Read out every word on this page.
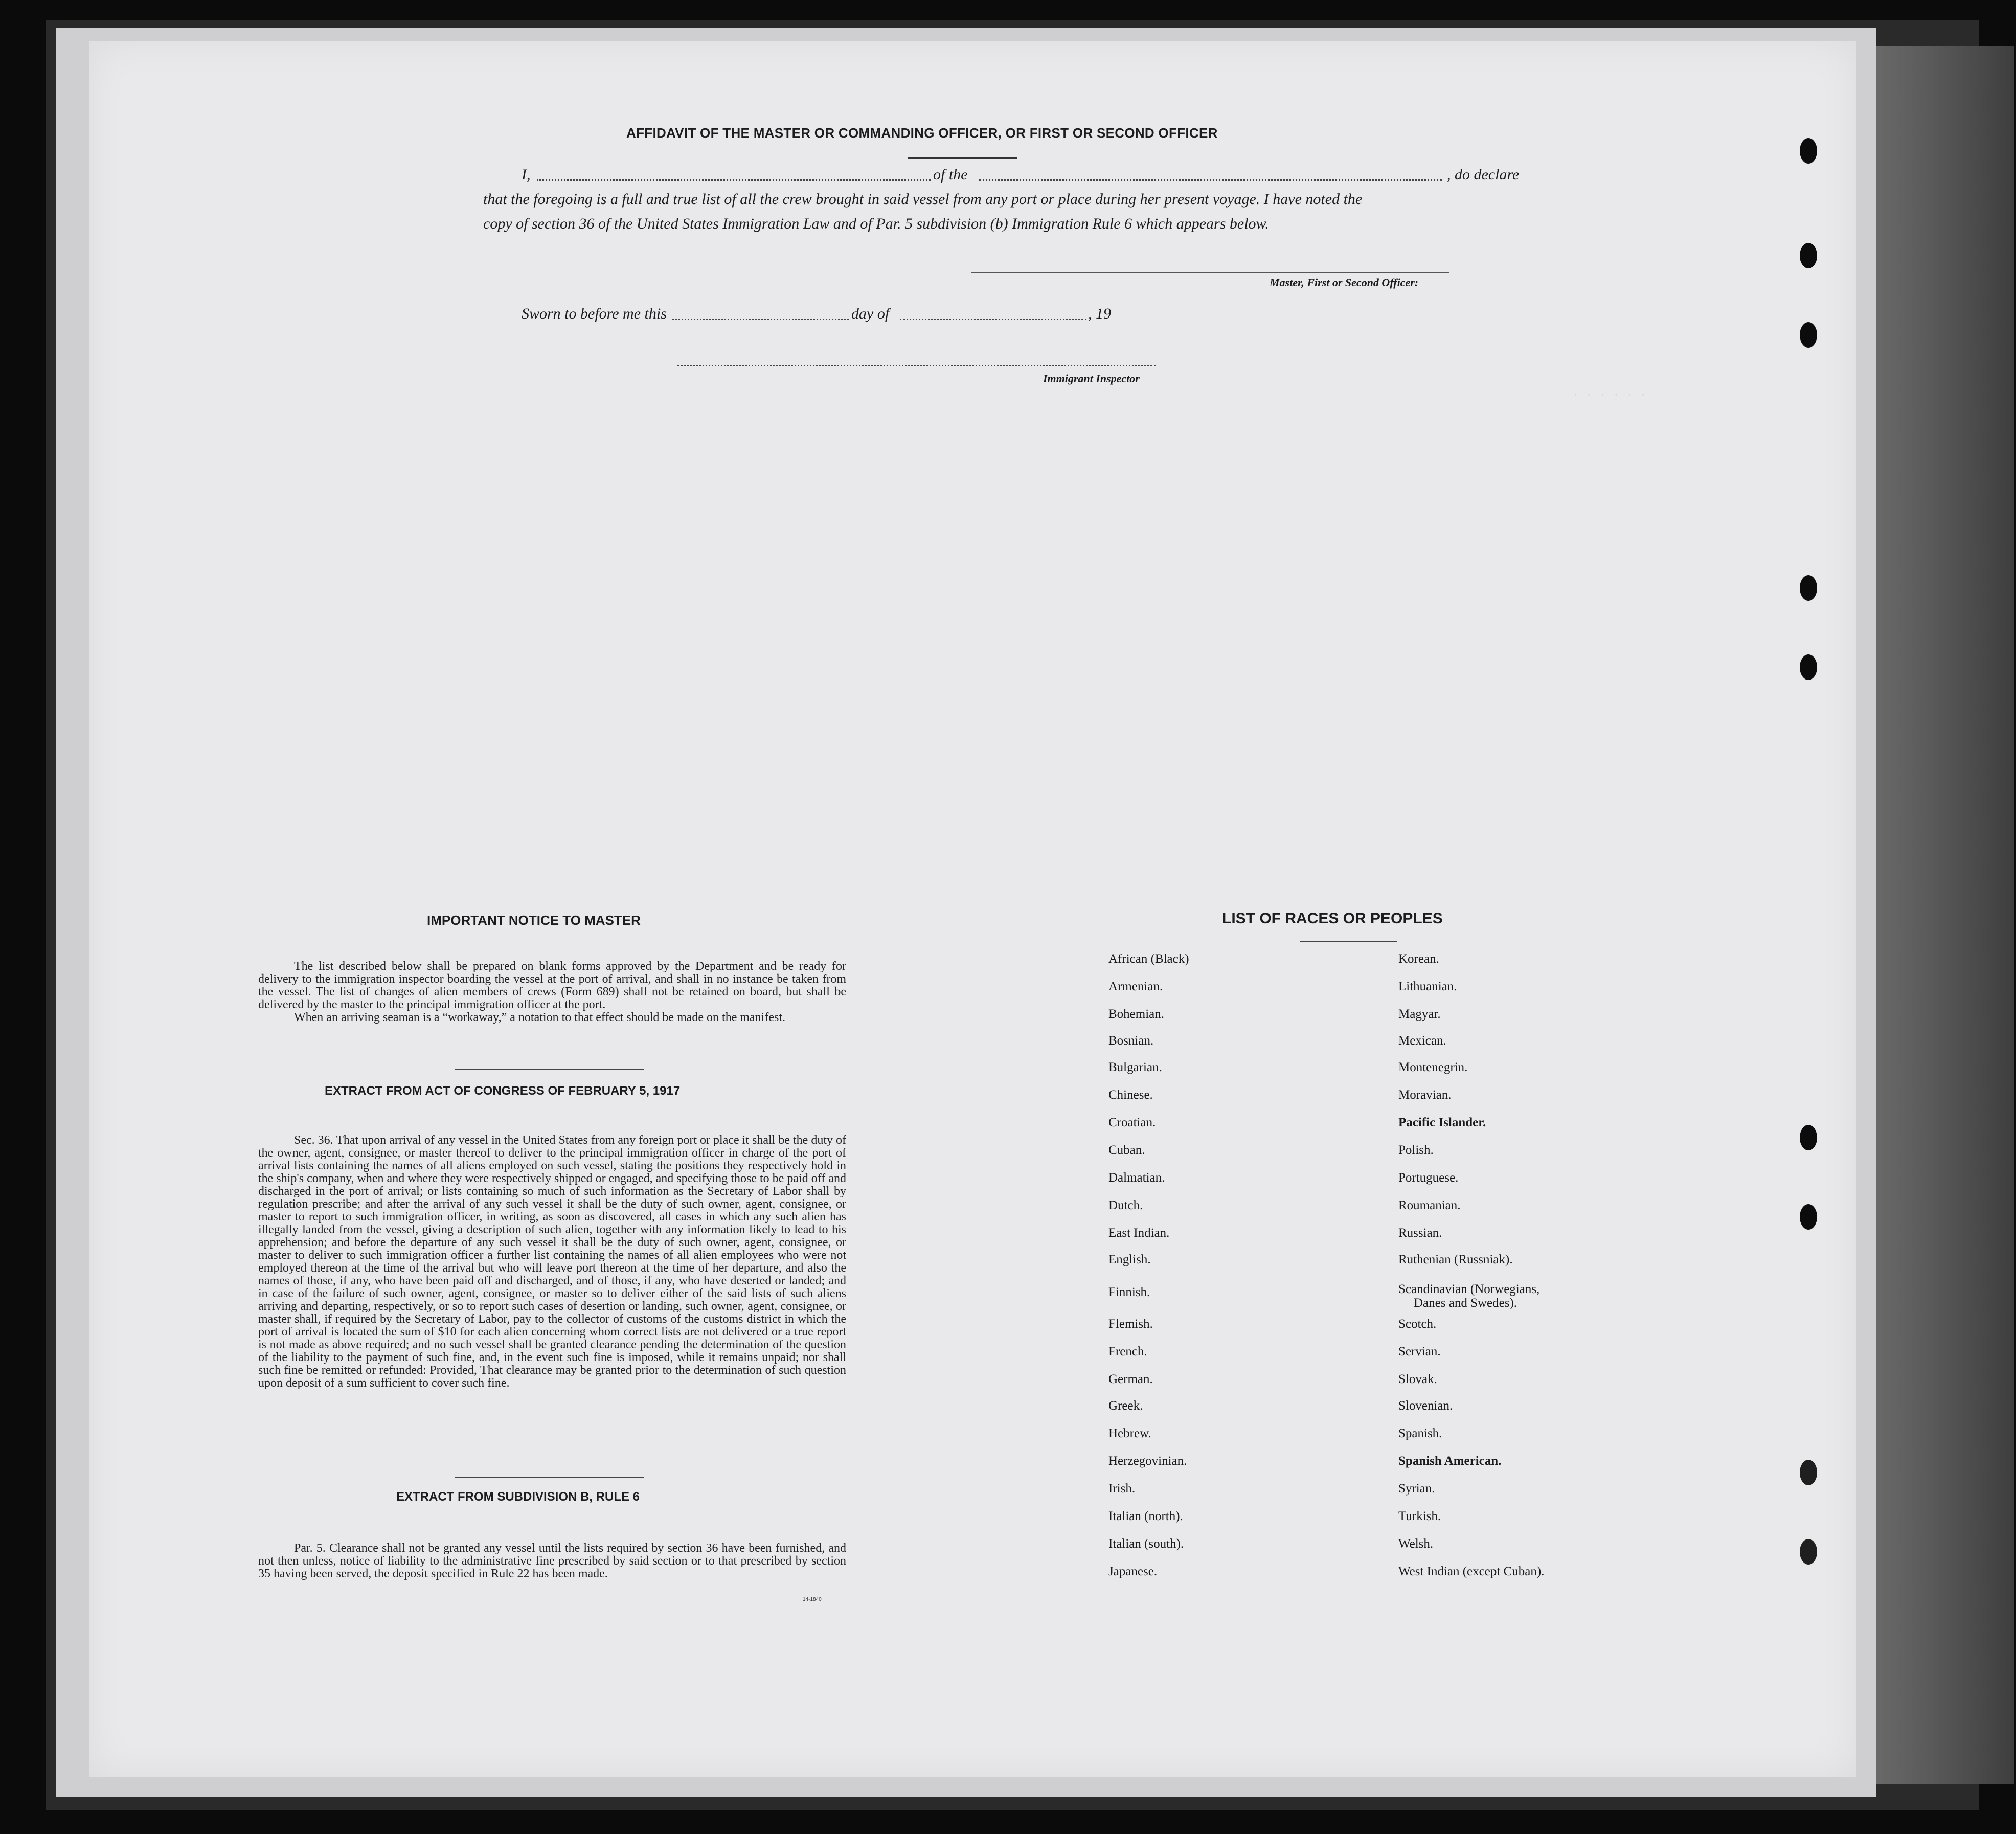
· · · · · ·
AFFIDAVIT OF THE MASTER OR COMMANDING OFFICER, OR FIRST OR SECOND OFFICER
I,	of the	, do declare
that the foregoing is a full and true list of all the crew brought in said vessel from any port or place during her present voyage. I have noted the
copy of section 36 of the United States Immigration Law and of Par. 5 subdivision (b) Immigration Rule 6 which appears below.
Master, First or Second Officer:
Sworn to before me this	day of	, 19
Immigrant Inspector
IMPORTANT NOTICE TO MASTER

The list described below shall be prepared on blank forms approved by the Department and be ready for delivery to the immigration inspector boarding the vessel at the port of arrival, and shall in no instance be taken from the vessel. The list of changes of alien members of crews (Form 689) shall not be retained on board, but shall be delivered by the master to the principal immigration officer at the port.

When an arriving seaman is a “workaway,” a notation to that effect should be made on the manifest.

EXTRACT FROM ACT OF CONGRESS OF FEBRUARY 5, 1917
Sec. 36. That upon arrival of any vessel in the United States from any foreign port or place it shall be the duty of the owner, agent, consignee, or master thereof to deliver to the principal immigration officer in charge of the port of arrival lists containing the names of all aliens employed on such vessel, stating the positions they respectively hold in the ship's company, when and where they were respectively shipped or engaged, and specifying those to be paid off and discharged in the port of arrival; or lists containing so much of such information as the Secretary of Labor shall by regulation prescribe; and after the arrival of any such vessel it shall be the duty of such owner, agent, consignee, or master to report to such immigration officer, in writing, as soon as discovered, all cases in which any such alien has illegally landed from the vessel, giving a description of such alien, together with any information likely to lead to his apprehension; and before the departure of any such vessel it shall be the duty of such owner, agent, consignee, or master to deliver to such immigration officer a further list containing the names of all alien employees who were not employed thereon at the time of the arrival but who will leave port thereon at the time of her departure, and also the names of those, if any, who have been paid off and discharged, and of those, if any, who have deserted or landed; and in case of the failure of such owner, agent, consignee, or master so to deliver either of the said lists of such aliens arriving and departing, respectively, or so to report such cases of desertion or landing, such owner, agent, consignee, or master shall, if required by the Secretary of Labor, pay to the collector of customs of the customs district in which the port of arrival is located the sum of $10 for each alien concerning whom correct lists are not delivered or a true report is not made as above required; and no such vessel shall be granted clearance pending the determination of the question of the liability to the payment of such fine, and, in the event such fine is imposed, while it remains unpaid; nor shall such fine be remitted or refunded: Provided, That clearance may be granted prior to the determination of such question upon deposit of a sum sufficient to cover such fine.
EXTRACT FROM SUBDIVISION B, RULE 6
Par. 5. Clearance shall not be granted any vessel until the lists required by section 36 have been furnished, and not then unless, notice of liability to the administrative fine prescribed by said section or to that prescribed by section 35 having been served, the deposit specified in Rule 22 has been made.
14-1840
LIST OF RACES OR PEOPLES
African (Black)
Armenian.
Bohemian.
Bosnian.
Bulgarian.
Chinese.
Croatian.
Cuban.
Dalmatian.
Dutch.
East Indian.
English.
Finnish.
Flemish.
French.
German.
Greek.
Hebrew.
Herzegovinian.
Irish.
Italian (north).
Italian (south).
Japanese.
Korean.
Lithuanian.
Magyar.
Mexican.
Montenegrin.
Moravian.
Pacific Islander.
Polish.
Portuguese.
Roumanian.
Russian.
Ruthenian (Russniak).
Scandinavian (Norwegians,
Danes and Swedes).
Scotch.
Servian.
Slovak.
Slovenian.
Spanish.
Spanish American.
Syrian.
Turkish.
Welsh.
West Indian (except Cuban).
